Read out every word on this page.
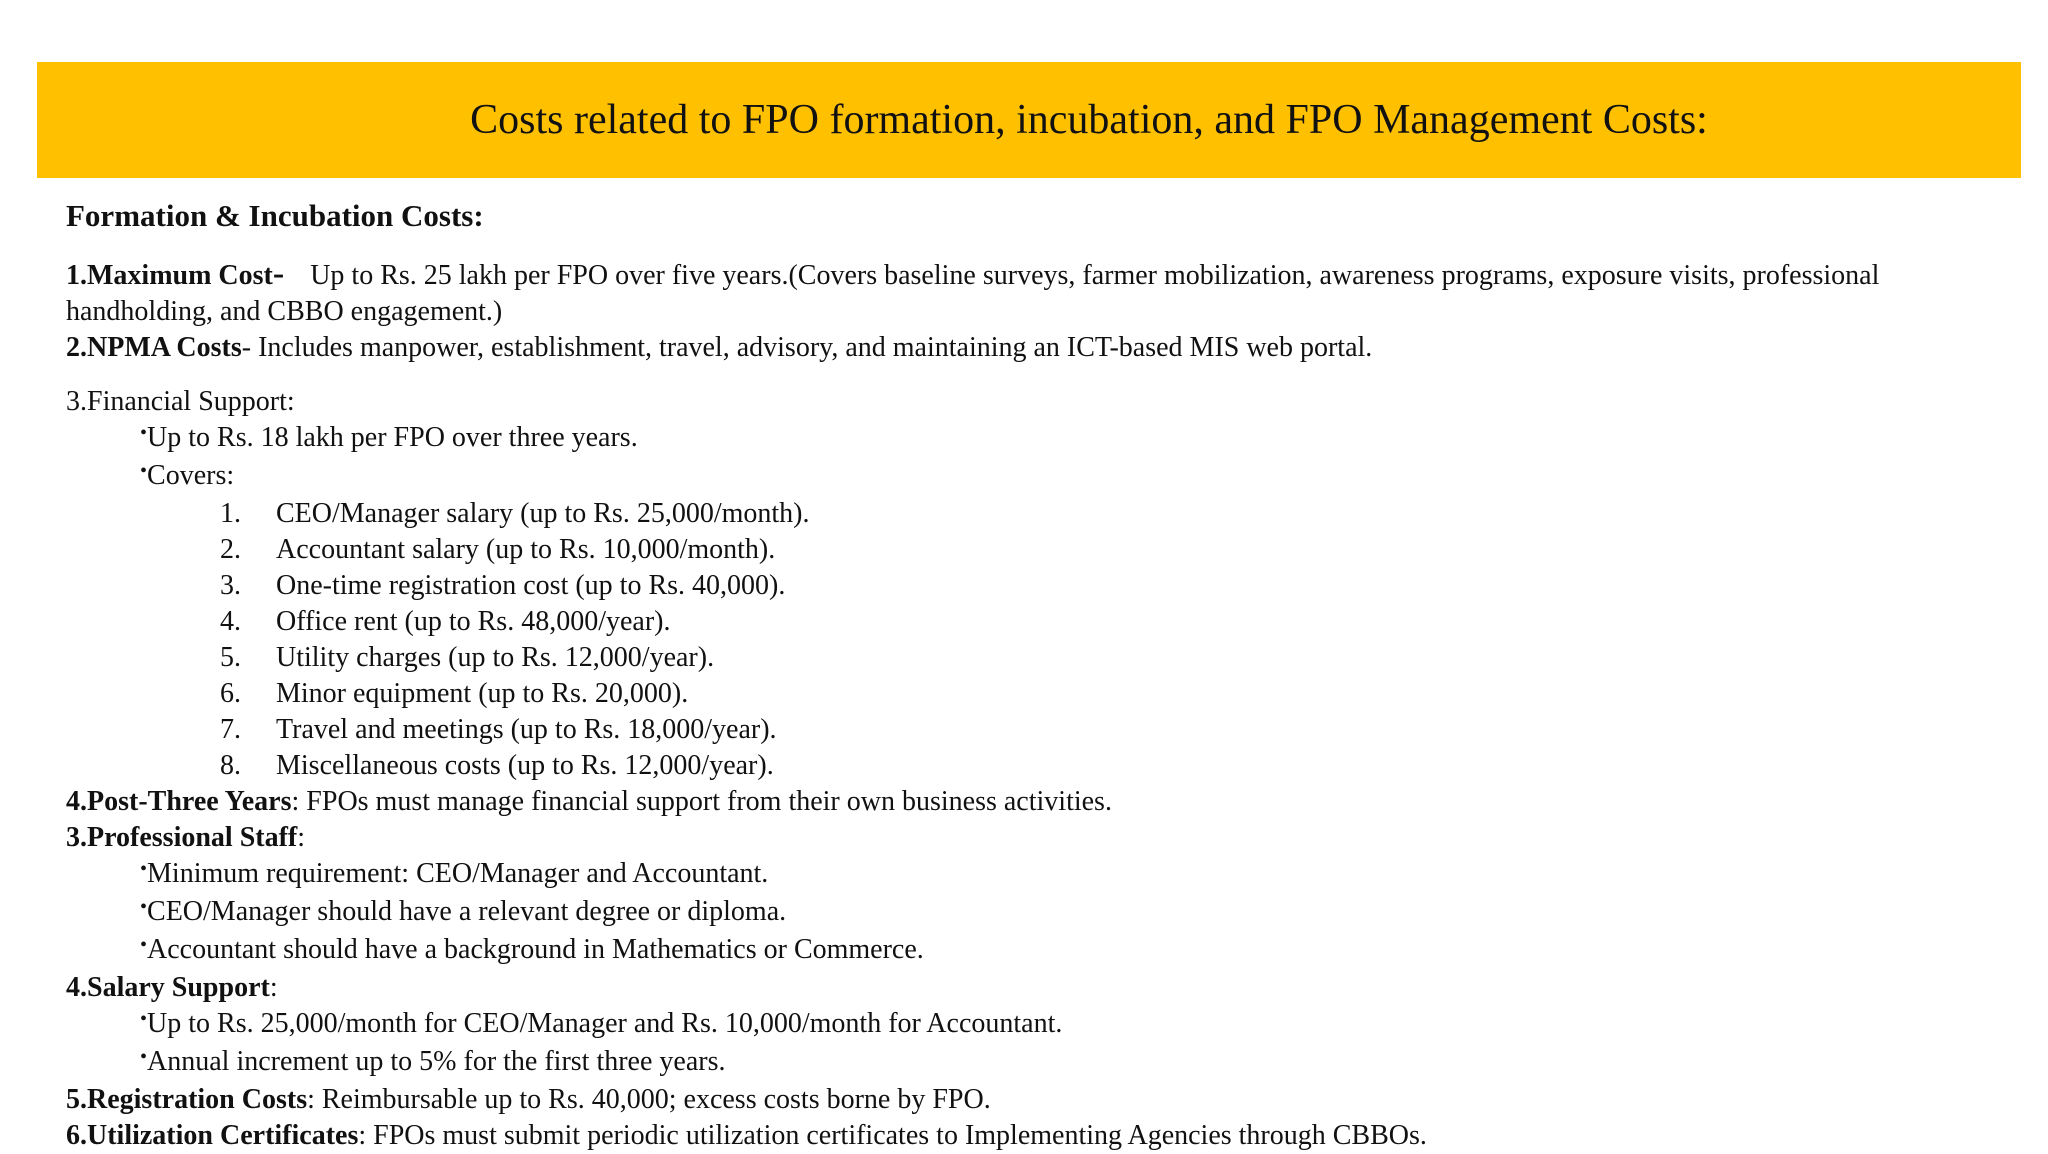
Costs related to FPO formation, incubation, and FPO Management Costs:
Formation & Incubation Costs:
1.Maximum Cost- Up to Rs. 25 lakh per FPO over five years.(Covers baseline surveys, farmer mobilization, awareness programs, exposure visits, professional handholding, and CBBO engagement.)
2.NPMA Costs- Includes manpower, establishment, travel, advisory, and maintaining an ICT-based MIS web portal.
3.Financial Support:
•Up to Rs. 18 lakh per FPO over three years.
•Covers:
1.	CEO/Manager salary (up to Rs. 25,000/month).
2.	Accountant salary (up to Rs. 10,000/month).
3.	One-time registration cost (up to Rs. 40,000).
4.	Office rent (up to Rs. 48,000/year).
5.	Utility charges (up to Rs. 12,000/year).
6.	Minor equipment (up to Rs. 20,000).
7.	Travel and meetings (up to Rs. 18,000/year).
8.	Miscellaneous costs (up to Rs. 12,000/year).
4.Post-Three Years: FPOs must manage financial support from their own business activities.
3.Professional Staff:
•Minimum requirement: CEO/Manager and Accountant.
•CEO/Manager should have a relevant degree or diploma.
•Accountant should have a background in Mathematics or Commerce.
4.Salary Support:
•Up to Rs. 25,000/month for CEO/Manager and Rs. 10,000/month for Accountant.
•Annual increment up to 5% for the first three years.
5.Registration Costs: Reimbursable up to Rs. 40,000; excess costs borne by FPO.
6.Utilization Certificates: FPOs must submit periodic utilization certificates to Implementing Agencies through CBBOs.
